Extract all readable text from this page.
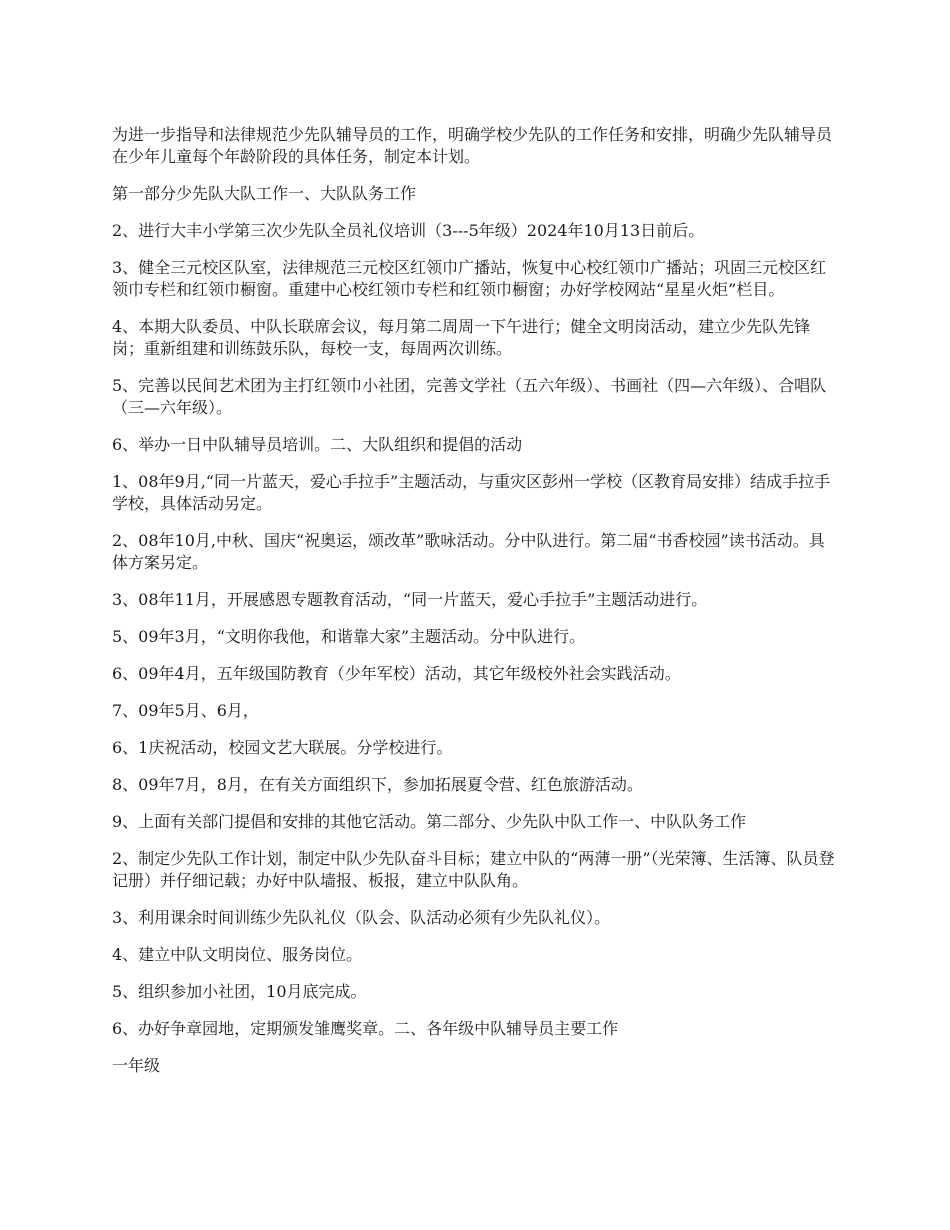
为进一步指导和法律规范少先队辅导员的工作，明确学校少先队的工作任务和安排，明确少先队辅导员在少年儿童每个年龄阶段的具体任务，制定本计划。

第一部分少先队大队工作一、大队队务工作

2、进行大丰小学第三次少先队全员礼仪培训（3---5年级）2024年10月13日前后。

3、健全三元校区队室，法律规范三元校区红领巾广播站，恢复中心校红领巾广播站；巩固三元校区红领巾专栏和红领巾橱窗。重建中心校红领巾专栏和红领巾橱窗；办好学校网站“星星火炬”栏目。

4、本期大队委员、中队长联席会议，每月第二周周一下午进行；健全文明岗活动，建立少先队先锋岗；重新组建和训练鼓乐队，每校一支，每周两次训练。

5、完善以民间艺术团为主打红领巾小社团，完善文学社（五六年级）、书画社（四—六年级）、合唱队（三—六年级）。

6、举办一日中队辅导员培训。二、大队组织和提倡的活动

1、08年9月,“同一片蓝天，爱心手拉手”主题活动，与重灾区彭州一学校（区教育局安排）结成手拉手学校，具体活动另定。

2、08年10月,中秋、国庆“祝奥运，颂改革”歌咏活动。分中队进行。第二届“书香校园”读书活动。具体方案另定。

3、08年11月，开展感恩专题教育活动，“同一片蓝天，爱心手拉手”主题活动进行。

5、09年3月，“文明你我他，和谐靠大家”主题活动。分中队进行。

6、09年4月，五年级国防教育（少年军校）活动，其它年级校外社会实践活动。

7、09年5月、6月，

6、1庆祝活动，校园文艺大联展。分学校进行。

8、09年7月，8月，在有关方面组织下，参加拓展夏令营、红色旅游活动。

9、上面有关部门提倡和安排的其他它活动。第二部分、少先队中队工作一、中队队务工作

2、制定少先队工作计划，制定中队少先队奋斗目标；建立中队的“两薄一册”（光荣簿、生活簿、队员登记册）并仔细记载；办好中队墙报、板报，建立中队队角。

3、利用课余时间训练少先队礼仪（队会、队活动必须有少先队礼仪）。

4、建立中队文明岗位、服务岗位。

5、组织参加小社团，10月底完成。

6、办好争章园地，定期颁发雏鹰奖章。二、各年级中队辅导员主要工作

一年级
